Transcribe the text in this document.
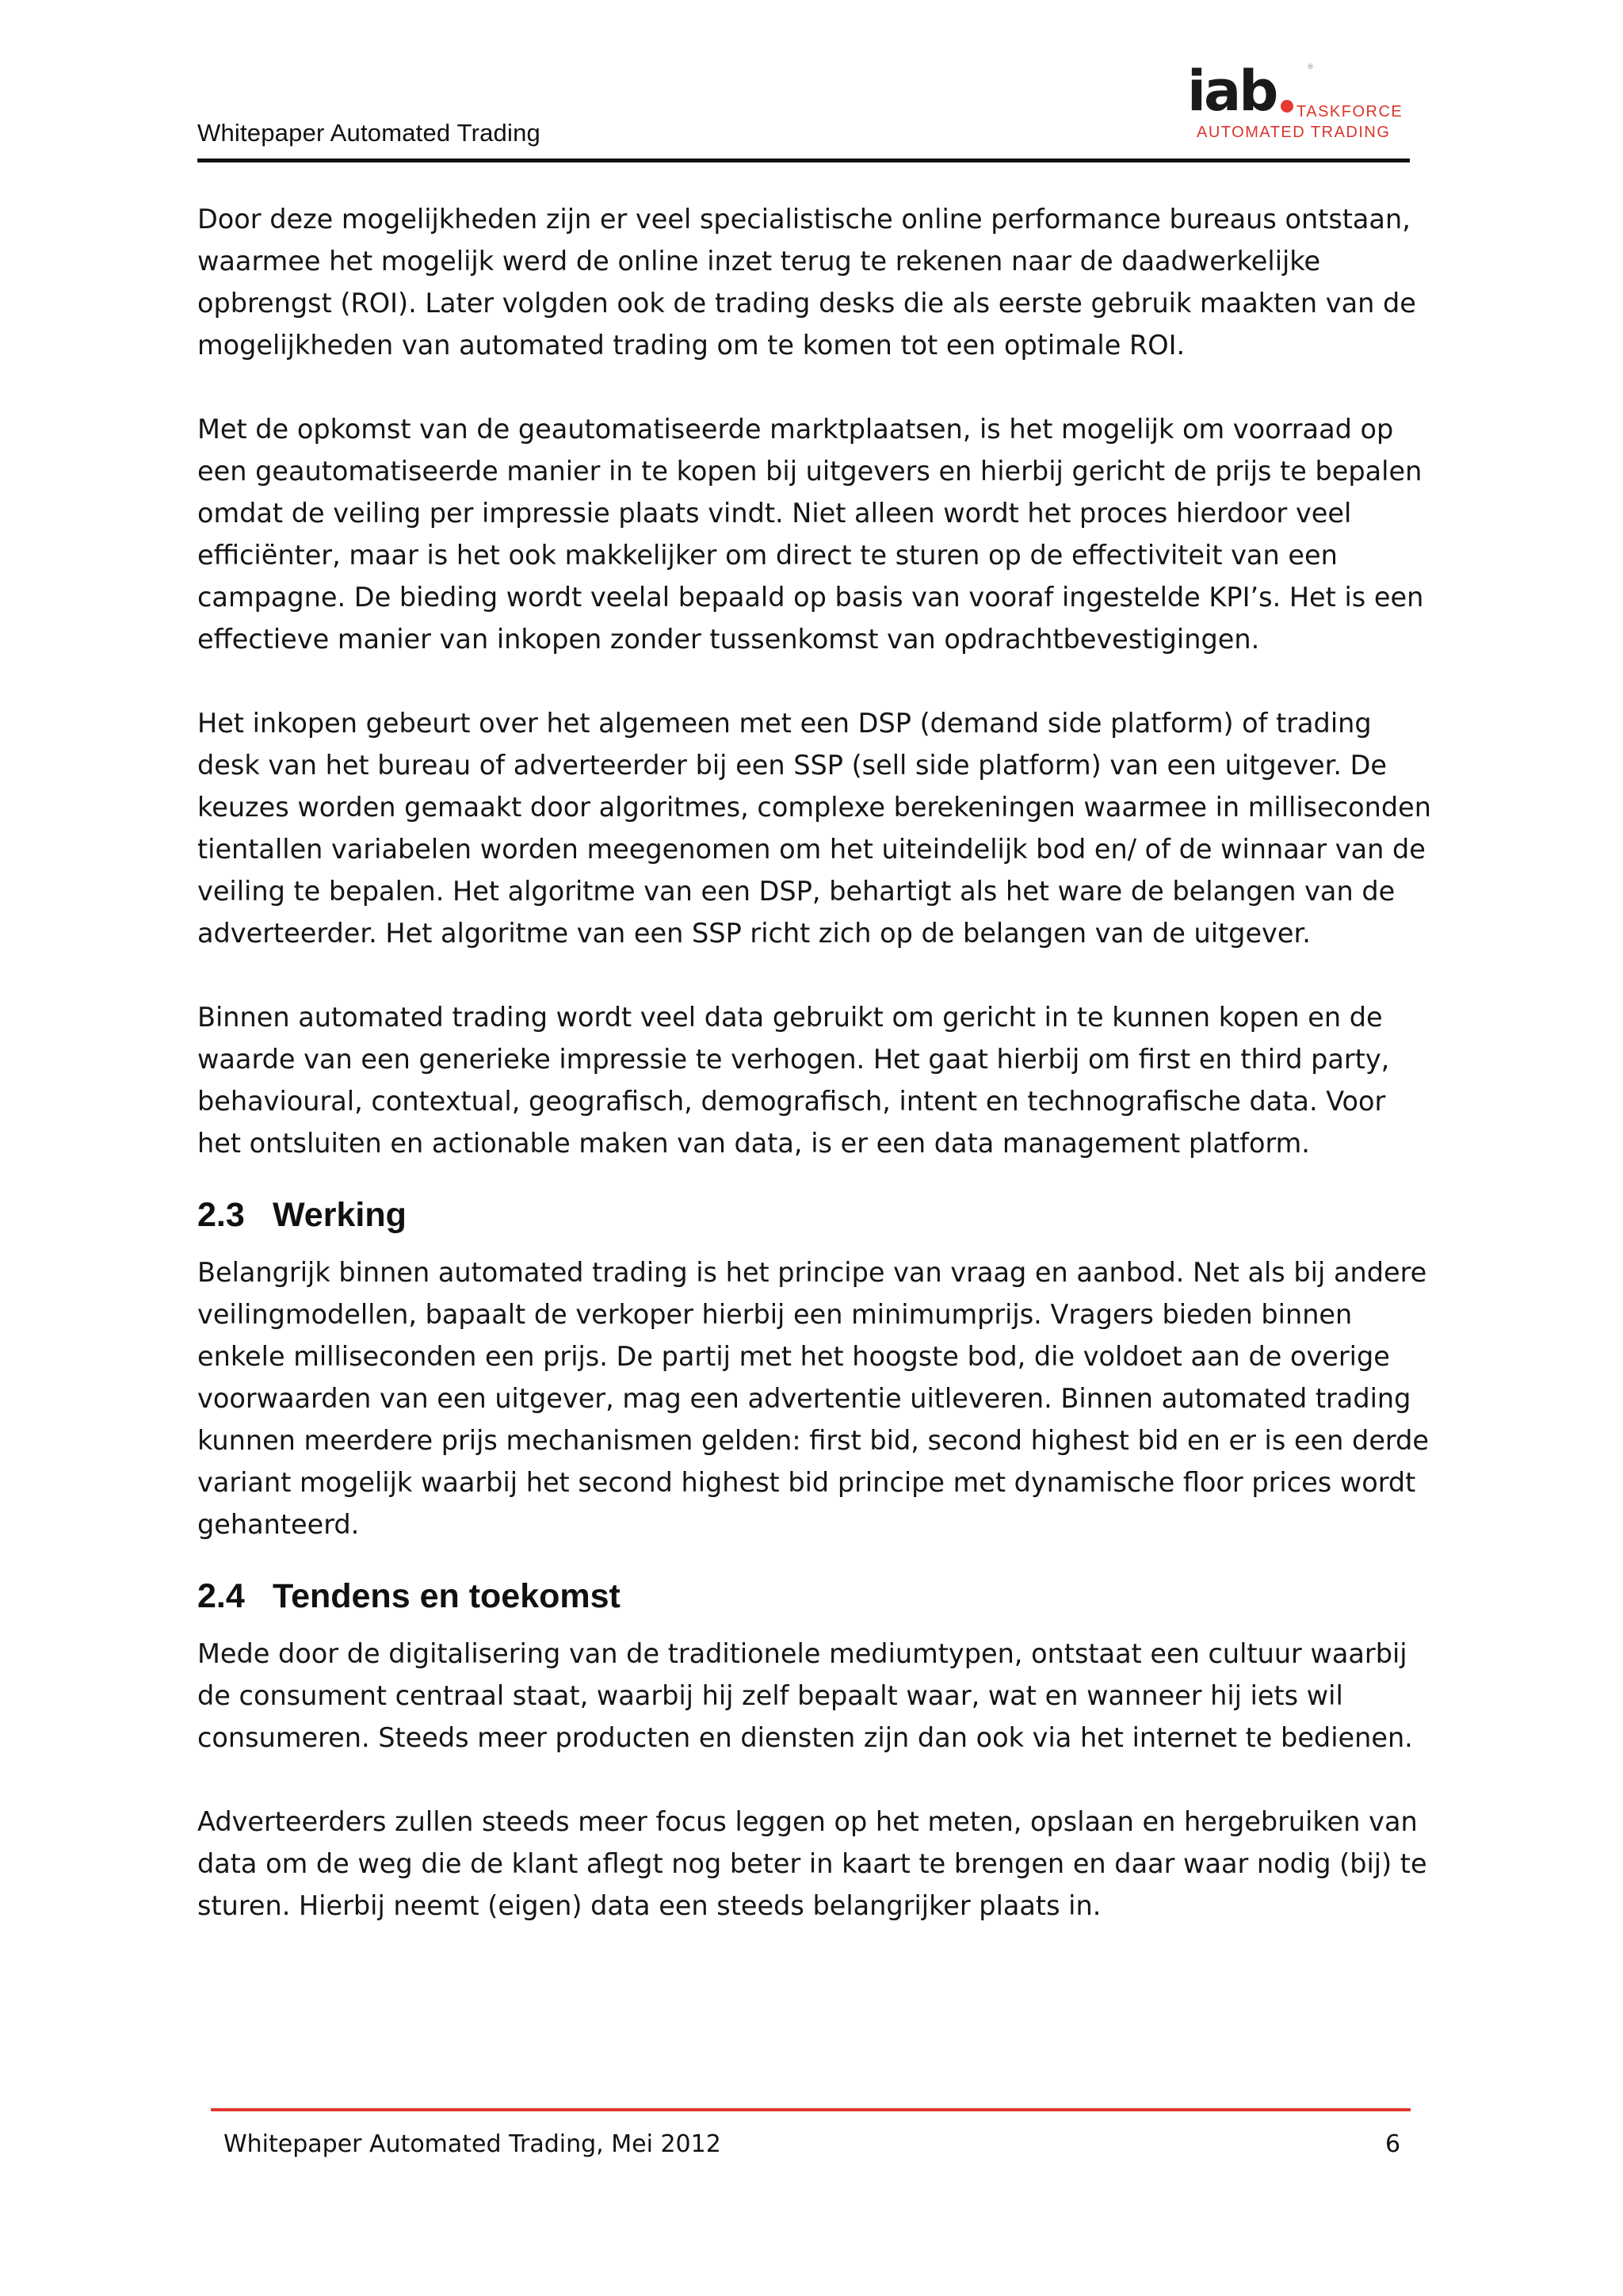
Whitepaper Automated Trading
iab	®
TASKFORCE
AUTOMATED TRADING

Door deze mogelijkheden zijn er veel specialistische online performance bureaus ontstaan, waarmee het mogelijk werd de online inzet terug te rekenen naar de daadwerkelijke opbrengst (ROI). Later volgden ook de trading desks die als eerste gebruik maakten van de mogelijkheden van automated trading om te komen tot een optimale ROI.

Met de opkomst van de geautomatiseerde marktplaatsen, is het mogelijk om voorraad op een geautomatiseerde manier in te kopen bij uitgevers en hierbij gericht de prijs te bepalen omdat de veiling per impressie plaats vindt. Niet alleen wordt het proces hierdoor veel efficiënter, maar is het ook makkelijker om direct te sturen op de effectiviteit van een campagne. De bieding wordt veelal bepaald op basis van vooraf ingestelde KPI’s. Het is een effectieve manier van inkopen zonder tussenkomst van opdrachtbevestigingen.

Het inkopen gebeurt over het algemeen met een DSP (demand side platform) of trading desk van het bureau of adverteerder bij een SSP (sell side platform) van een uitgever. De keuzes worden gemaakt door algoritmes, complexe berekeningen waarmee in milliseconden tientallen variabelen worden meegenomen om het uiteindelijk bod en/ of de winnaar van de veiling te bepalen. Het algoritme van een DSP, behartigt als het ware de belangen van de adverteerder. Het algoritme van een SSP richt zich op de belangen van de uitgever.

Binnen automated trading wordt veel data gebruikt om gericht in te kunnen kopen en de waarde van een generieke impressie te verhogen. Het gaat hierbij om first en third party, behavioural, contextual, geografisch, demografisch, intent en technografische data. Voor het ontsluiten en actionable maken van data, is er een data management platform.

2.3 Werking

Belangrijk binnen automated trading is het principe van vraag en aanbod. Net als bij andere veilingmodellen, bapaalt de verkoper hierbij een minimumprijs. Vragers bieden binnen enkele milliseconden een prijs. De partij met het hoogste bod, die voldoet aan de overige voorwaarden van een uitgever, mag een advertentie uitleveren. Binnen automated trading kunnen meerdere prijs mechanismen gelden: first bid, second highest bid en er is een derde variant mogelijk waarbij het second highest bid principe met dynamische floor prices wordt gehanteerd.

2.4 Tendens en toekomst

Mede door de digitalisering van de traditionele mediumtypen, ontstaat een cultuur waarbij de consument centraal staat, waarbij hij zelf bepaalt waar, wat en wanneer hij iets wil consumeren. Steeds meer producten en diensten zijn dan ook via het internet te bedienen.

Adverteerders zullen steeds meer focus leggen op het meten, opslaan en hergebruiken van data om de weg die de klant aflegt nog beter in kaart te brengen en daar waar nodig (bij) te sturen. Hierbij neemt (eigen) data een steeds belangrijker plaats in.

Whitepaper Automated Trading, Mei 2012	6
